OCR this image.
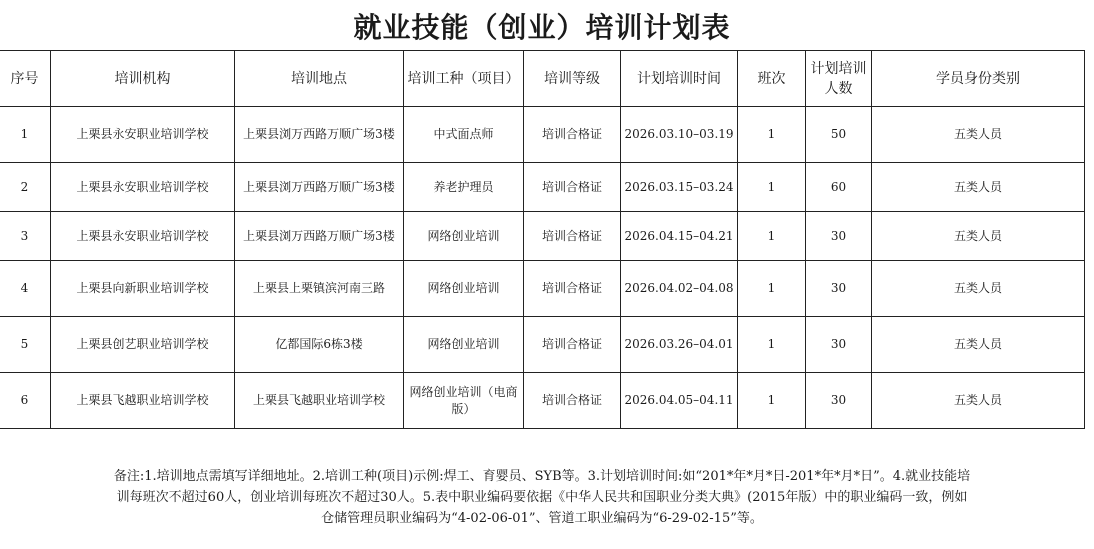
就业技能（创业）培训计划表
序号	培训机构	培训地点	培训工种（项目）	培训等级	计划培训时间	班次	计划培训人数	学员身份类别
1	上栗县永安职业培训学校	上栗县浏万西路万顺广场3楼	中式面点师	培训合格证	2026.03.10–03.19	1	50	五类人员
2	上栗县永安职业培训学校	上栗县浏万西路万顺广场3楼	养老护理员	培训合格证	2026.03.15–03.24	1	60	五类人员
3	上栗县永安职业培训学校	上栗县浏万西路万顺广场3楼	网络创业培训	培训合格证	2026.04.15–04.21	1	30	五类人员
4	上栗县向新职业培训学校	上栗县上栗镇滨河南三路	网络创业培训	培训合格证	2026.04.02–04.08	1	30	五类人员
5	上栗县创艺职业培训学校	亿都国际6栋3楼	网络创业培训	培训合格证	2026.03.26–04.01	1	30	五类人员
6	上栗县飞越职业培训学校	上栗县飞越职业培训学校	网络创业培训（电商版）	培训合格证	2026.04.05–04.11	1	30	五类人员
备注:1.培训地点需填写详细地址。2.培训工种(项目)示例:焊工、育婴员、SYB等。3.计划培训时间:如“201*年*月*日-201*年*月*日”。4.就业技能培训每班次不超过60人，创业培训每班次不超过30人。5.表中职业编码要依据《中华人民共和国职业分类大典》(2015年版）中的职业编码一致，例如仓储管理员职业编码为“4-02-06-01”、管道工职业编码为“6-29-02-15”等。
